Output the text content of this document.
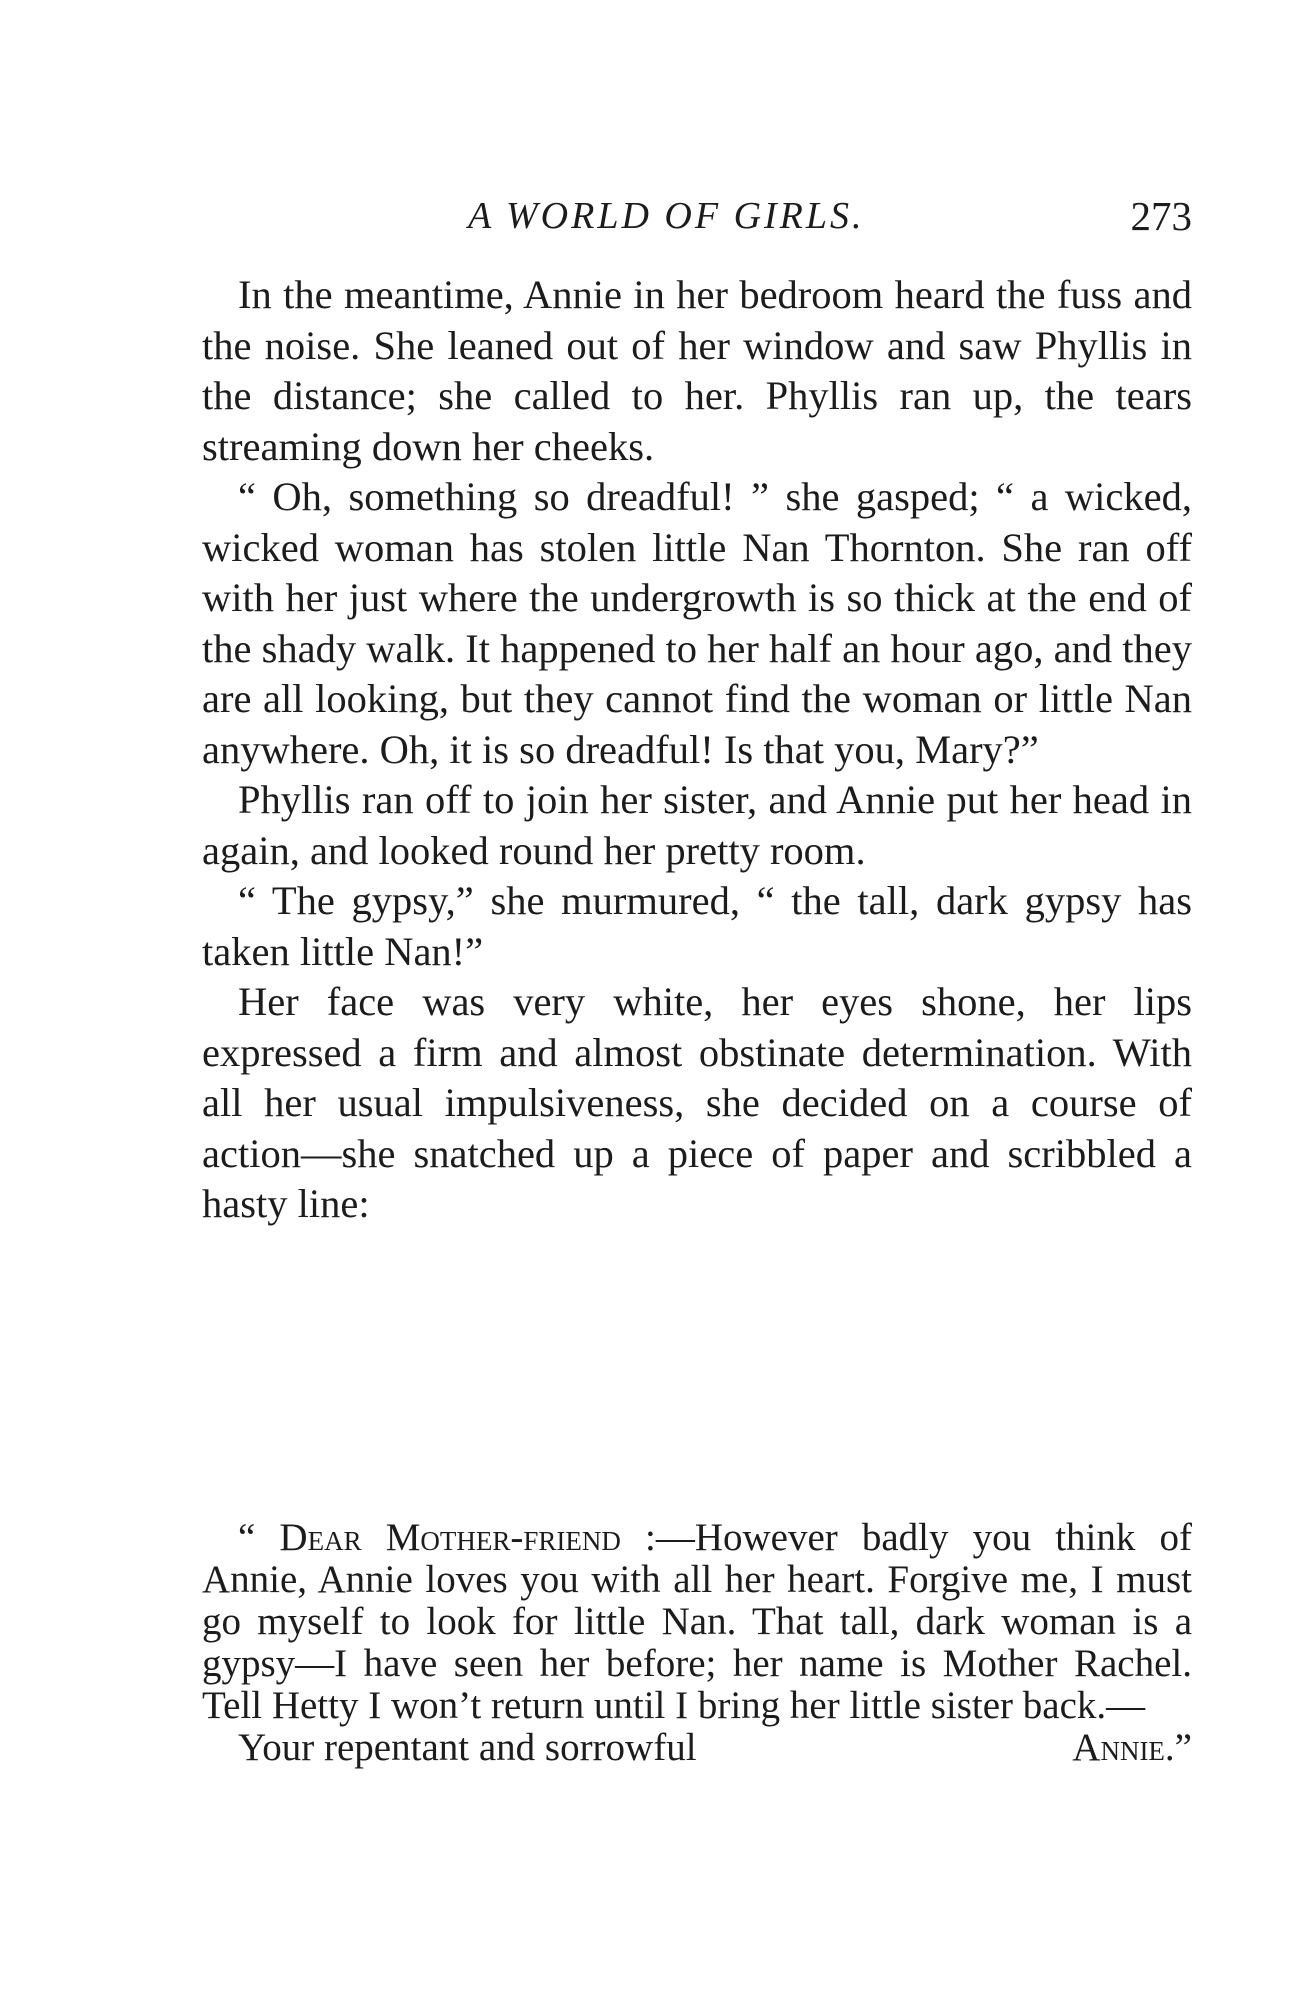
A WORLD OF GIRLS.	273

In the meantime, Annie in her bedroom heard the fuss and the noise. She leaned out of her window and saw Phyllis in the distance; she called to her. Phyllis ran up, the tears streaming down her cheeks.

“ Oh, something so dreadful! ” she gasped; “ a wicked, wicked woman has stolen little Nan Thornton. She ran off with her just where the undergrowth is so thick at the end of the shady walk. It happened to her half an hour ago, and they are all looking, but they cannot find the woman or little Nan anywhere. Oh, it is so dreadful! Is that you, Mary?”

Phyllis ran off to join her sister, and Annie put her head in again, and looked round her pretty room.

“ The gypsy,” she murmured, “ the tall, dark gypsy has taken little Nan!”

Her face was very white, her eyes shone, her lips expressed a firm and almost obstinate determination. With all her usual impulsiveness, she decided on a course of action—she snatched up a piece of paper and scribbled a hasty line:

“ Dear Mother-friend :—However badly you think of Annie, Annie loves you with all her heart. Forgive me, I must go myself to look for little Nan. That tall, dark woman is a gypsy—I have seen her before; her name is Mother Rachel. Tell Hetty I won’t return until I bring her little sister back.—

Your repentant and sorrowful	Annie.”
